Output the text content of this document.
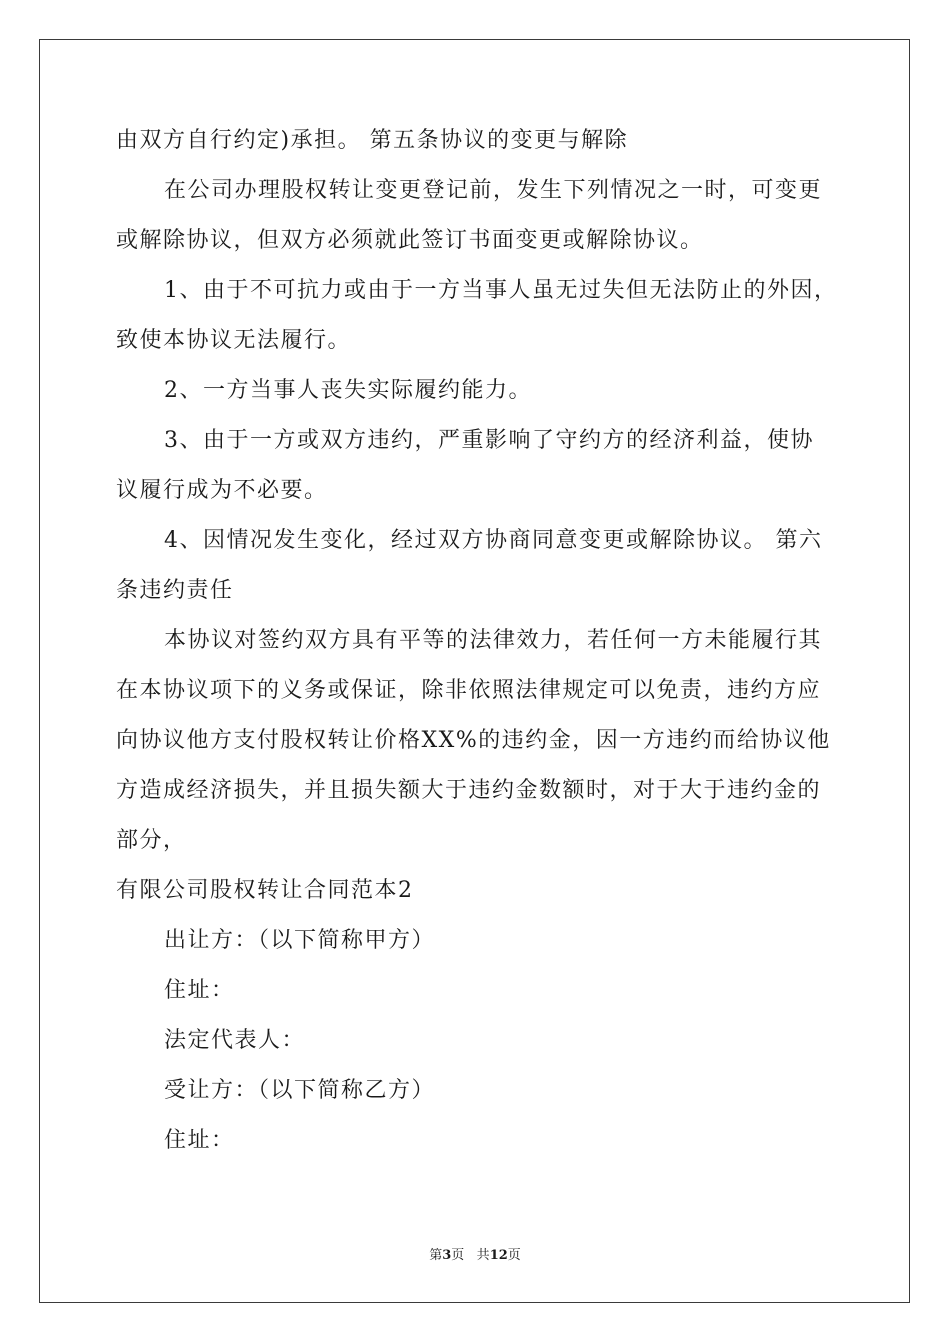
由双方自行约定)承担。 第五条协议的变更与解除
在公司办理股权转让变更登记前，发生下列情况之一时，可变更
或解除协议，但双方必须就此签订书面变更或解除协议。
1、由于不可抗力或由于一方当事人虽无过失但无法防止的外因，
致使本协议无法履行。
2、一方当事人丧失实际履约能力。
3、由于一方或双方违约，严重影响了守约方的经济利益，使协
议履行成为不必要。
4、因情况发生变化，经过双方协商同意变更或解除协议。 第六
条违约责任
本协议对签约双方具有平等的法律效力，若任何一方未能履行其
在本协议项下的义务或保证，除非依照法律规定可以免责，违约方应
向协议他方支付股权转让价格XX%的违约金，因一方违约而给协议他
方造成经济损失，并且损失额大于违约金数额时，对于大于违约金的
部分，
有限公司股权转让合同范本2
出让方：（以下简称甲方）
住址：
法定代表人：
受让方：（以下简称乙方）
住址：
第3页 共12页
